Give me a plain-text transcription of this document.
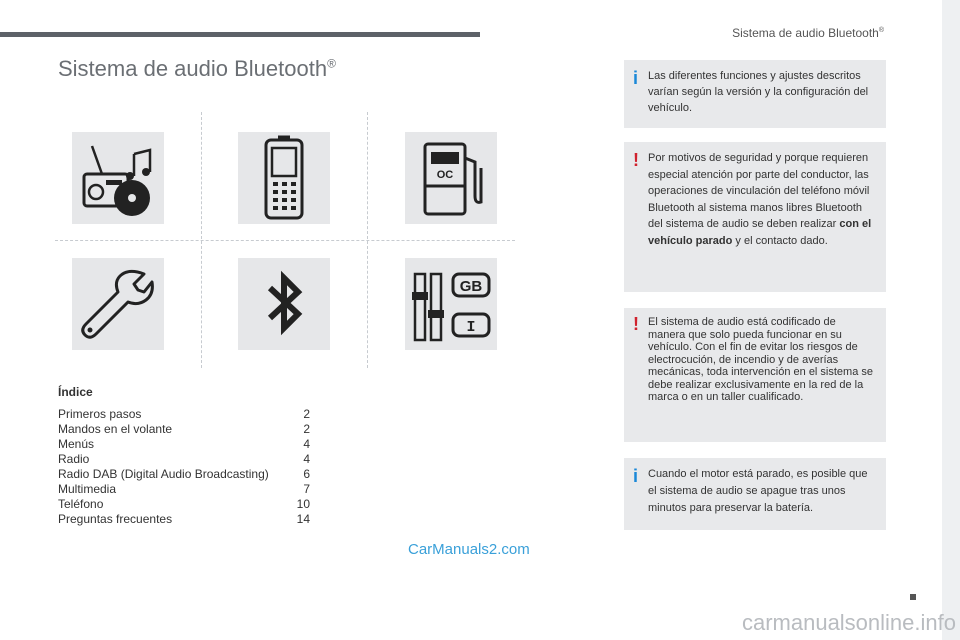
Sistema de audio Bluetooth®
Sistema de audio Bluetooth®
OC
GB
I
Índice
Primeros pasos	2
Mandos en el volante	2
Menús	4
Radio	4
Radio DAB (Digital Audio Broadcasting)	6
Multimedia	7
Teléfono	10
Preguntas frecuentes	14
i Las diferentes funciones y ajustes descritos varían según la versión y la configuración del vehículo.

! Por motivos de seguridad y porque requieren especial atención por parte del conductor, las operaciones de vinculación del teléfono móvil Bluetooth al sistema manos libres Bluetooth del sistema de audio se deben realizar con el vehículo parado y el contacto dado.

! El sistema de audio está codificado de manera que solo pueda funcionar en su vehículo. Con el fin de evitar los riesgos de electrocución, de incendio y de averías mecánicas, toda intervención en el sistema se debe realizar exclusivamente en la red de la marca o en un taller cualificado.

i Cuando el motor está parado, es posible que el sistema de audio se apague tras unos minutos para preservar la batería.

CarManuals2.com
carmanualsonline.info
